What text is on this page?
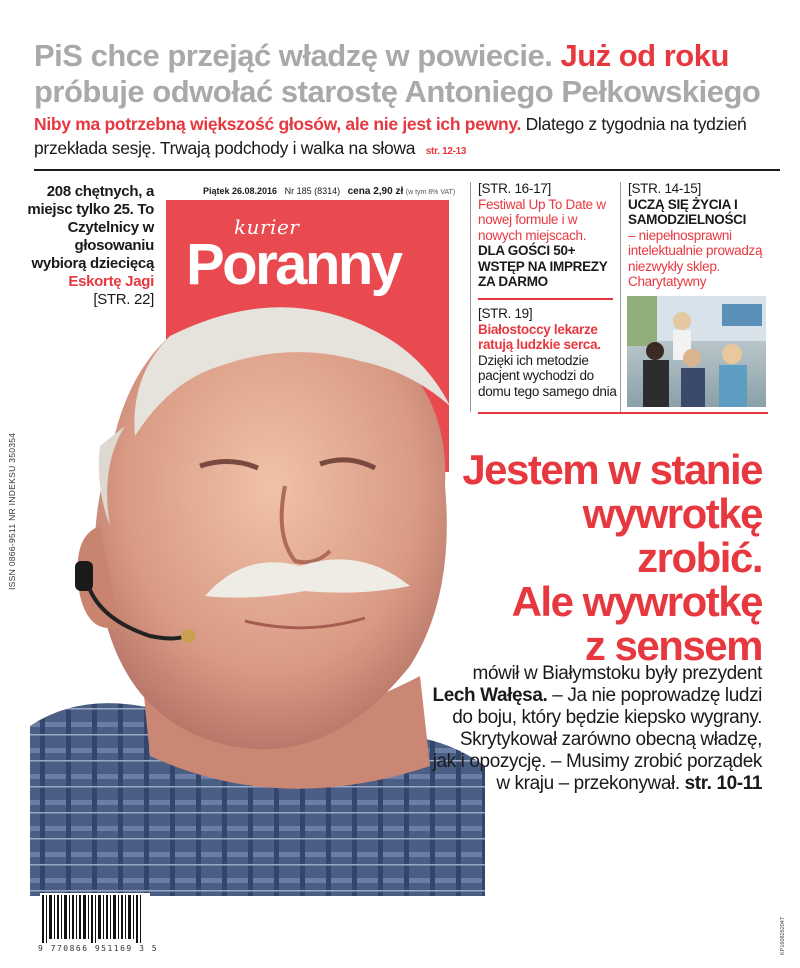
PiS chce przejąć władzę w powiecie. Już od roku próbuje odwołać starostę Antoniego Pełkowskiego
Niby ma potrzebną większość głosów, ale nie jest ich pewny. Dlatego z tygodnia na tydzień przekłada sesję. Trwają podchody i walka na słowa str. 12-13
208 chętnych, a miejsc tylko 25. To Czytelnicy w głosowaniu wybiorą dziecięcą Eskortę Jagi
[STR. 22]
Piątek 26.08.2016 Nr 185 (8314) cena 2,90 zł (w tym 8% VAT)
kurier
Poranny
[STR. 16-17]
Festiwal Up To Date w nowej formule i w nowych miejscach.
DLA GOŚCI 50+ WSTĘP NA IMPREZY ZA DARMO
[STR. 14-15]
UCZĄ SIĘ ŻYCIA I SAMODZIELNOŚCI
– niepełnosprawni intelektualnie prowadzą niezwykły sklep. Charytatywny
[STR. 19]
Białostoccy lekarze ratują ludzkie serca.
Dzięki ich metodzie pacjent wychodzi do domu tego samego dnia
Jestem w stanie
wywrotkę
zrobić.
Ale wywrotkę
z sensem
mówił w Białymstoku były prezydent Lech Wałęsa. – Ja nie poprowadzę ludzi do boju, który będzie kiepsko wygrany. Skrytykował zarówno obecną władzę, jak i opozycję. – Musimy zrobić porządek w kraju – przekonywał. str. 10-11
ISSN 0866-9511 NR INDEKSU 350354
KP1608262047
9 770866 951169 3 5
